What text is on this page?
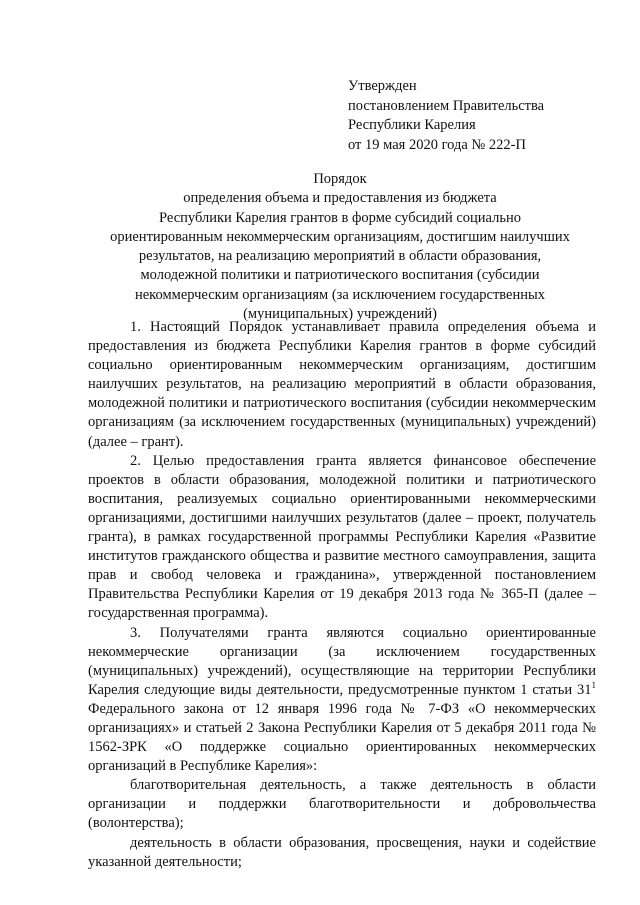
Утвержден
постановлением Правительства
Республики Карелия
от 19 мая 2020 года № 222-П
Порядок
определения объема и предоставления из бюджета
Республики Карелия грантов в форме субсидий социально
ориентированным некоммерческим организациям, достигшим наилучших
результатов, на реализацию мероприятий в области образования,
молодежной политики и патриотического воспитания (субсидии
некоммерческим организациям (за исключением государственных
(муниципальных) учреждений)

1. Настоящий Порядок устанавливает правила определения объема и предоставления из бюджета Республики Карелия грантов в форме субсидий социально ориентированным некоммерческим организациям, достигшим наилучших результатов, на реализацию мероприятий в области образования, молодежной политики и патриотического воспитания (субсидии некоммерческим организациям (за исключением государственных (муниципальных) учреждений) (далее – грант).

2. Целью предоставления гранта является финансовое обеспечение проектов в области образования, молодежной политики и патриотического воспитания, реализуемых социально ориентированными некоммерческими организациями, достигшими наилучших результатов (далее – проект, получатель гранта), в рамках государственной программы Республики Карелия «Развитие институтов гражданского общества и развитие местного самоуправления, защита прав и свобод человека и гражданина», утвержденной постановлением Правительства Республики Карелия от 19 декабря 2013 года № 365-П (далее – государственная программа).

3. Получателями гранта являются социально ориентированные некоммерческие организации (за исключением государственных (муниципальных) учреждений), осуществляющие на территории Республики Карелия следующие виды деятельности, предусмотренные пунктом 1 статьи $31^1$ Федерального закона от 12 января 1996 года № 7-ФЗ «О некоммерческих организациях» и статьей 2 Закона Республики Карелия от 5 декабря 2011 года № 1562-ЗРК «О поддержке социально ориентированных некоммерческих организаций в Республике Карелия»:

благотворительная деятельность, а также деятельность в области организации и поддержки благотворительности и добровольчества (волонтерства);

деятельность в области образования, просвещения, науки и содействие указанной деятельности;
